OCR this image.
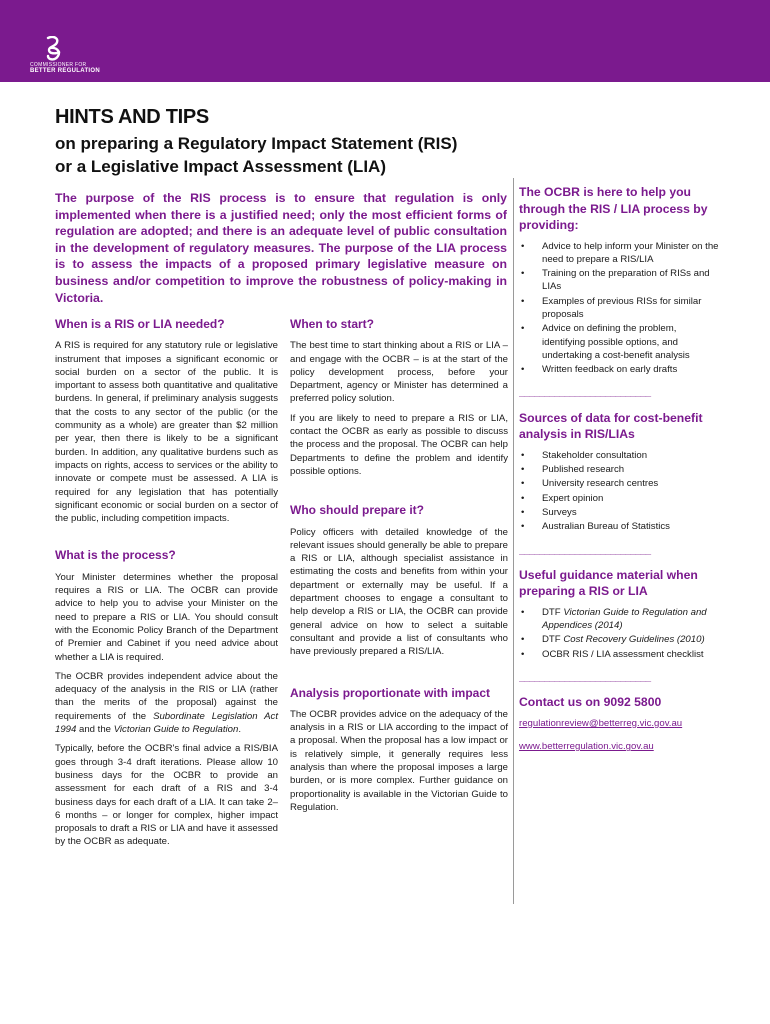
COMMISSIONER FOR
BETTER REGULATION
HINTS AND TIPS
on preparing a Regulatory Impact Statement (RIS)
or a Legislative Impact Assessment (LIA)
The purpose of the RIS process is to ensure that regulation is only implemented when there is a justified need; only the most efficient forms of regulation are adopted; and there is an adequate level of public consultation in the development of regulatory measures. The purpose of the LIA process is to assess the impacts of a proposed primary legislative measure on business and/or competition to improve the robustness of policy-making in Victoria.
When is a RIS or LIA needed?

A RIS is required for any statutory rule or legislative instrument that imposes a significant economic or social burden on a sector of the public. It is important to assess both quantitative and qualitative burdens. In general, if preliminary analysis suggests that the costs to any sector of the public (or the community as a whole) are greater than $2 million per year, then there is likely to be a significant burden. In addition, any qualitative burdens such as impacts on rights, access to services or the ability to innovate or compete must be assessed. A LIA is required for any legislation that has potentially significant economic or social burden on a sector of the public, including competition impacts.

What is the process?

Your Minister determines whether the proposal requires a RIS or LIA. The OCBR can provide advice to help you to advise your Minister on the need to prepare a RIS or LIA. You should consult with the Economic Policy Branch of the Department of Premier and Cabinet if you need advice about whether a LIA is required.

The OCBR provides independent advice about the adequacy of the analysis in the RIS or LIA (rather than the merits of the proposal) against the requirements of the Subordinate Legislation Act 1994 and the Victorian Guide to Regulation.

Typically, before the OCBR's final advice a RIS/BIA goes through 3-4 draft iterations. Please allow 10 business days for the OCBR to provide an assessment for each draft of a RIS and 3-4 business days for each draft of a LIA. It can take 2–6 months – or longer for complex, higher impact proposals to draft a RIS or LIA and have it assessed by the OCBR as adequate.

When to start?

The best time to start thinking about a RIS or LIA – and engage with the OCBR – is at the start of the policy development process, before your Department, agency or Minister has determined a preferred policy solution.

If you are likely to need to prepare a RIS or LIA, contact the OCBR as early as possible to discuss the process and the proposal. The OCBR can help Departments to define the problem and identify possible options.

Who should prepare it?

Policy officers with detailed knowledge of the relevant issues should generally be able to prepare a RIS or LIA, although specialist assistance in estimating the costs and benefits from within your department or externally may be useful. If a department chooses to engage a consultant to help develop a RIS or LIA, the OCBR can provide general advice on how to select a suitable consultant and provide a list of consultants who have previously prepared a RIS/LIA.

Analysis proportionate with impact

The OCBR provides advice on the adequacy of the analysis in a RIS or LIA according to the impact of a proposal. When the proposal has a low impact or is relatively simple, it generally requires less analysis than where the proposal imposes a large burden, or is more complex. Further guidance on proportionality is available in the Victorian Guide to Regulation.

The OCBR is here to help you through the RIS / LIA process by providing:
• Advice to help inform your Minister on the need to prepare a RIS/LIA
• Training on the preparation of RISs and LIAs
• Examples of previous RISs for similar proposals
• Advice on defining the problem, identifying possible options, and undertaking a cost-benefit analysis
• Written feedback on early drafts
__________________________
Sources of data for cost-benefit analysis in RIS/LIAs
• Stakeholder consultation
• Published research
• University research centres
• Expert opinion
• Surveys
• Australian Bureau of Statistics
__________________________
Useful guidance material when preparing a RIS or LIA
• DTF Victorian Guide to Regulation and Appendices (2014)
• DTF Cost Recovery Guidelines (2010)
• OCBR RIS / LIA assessment checklist
__________________________
Contact us on 9092 5800
regulationreview@betterreg.vic.gov.au
www.betterregulation.vic.gov.au
